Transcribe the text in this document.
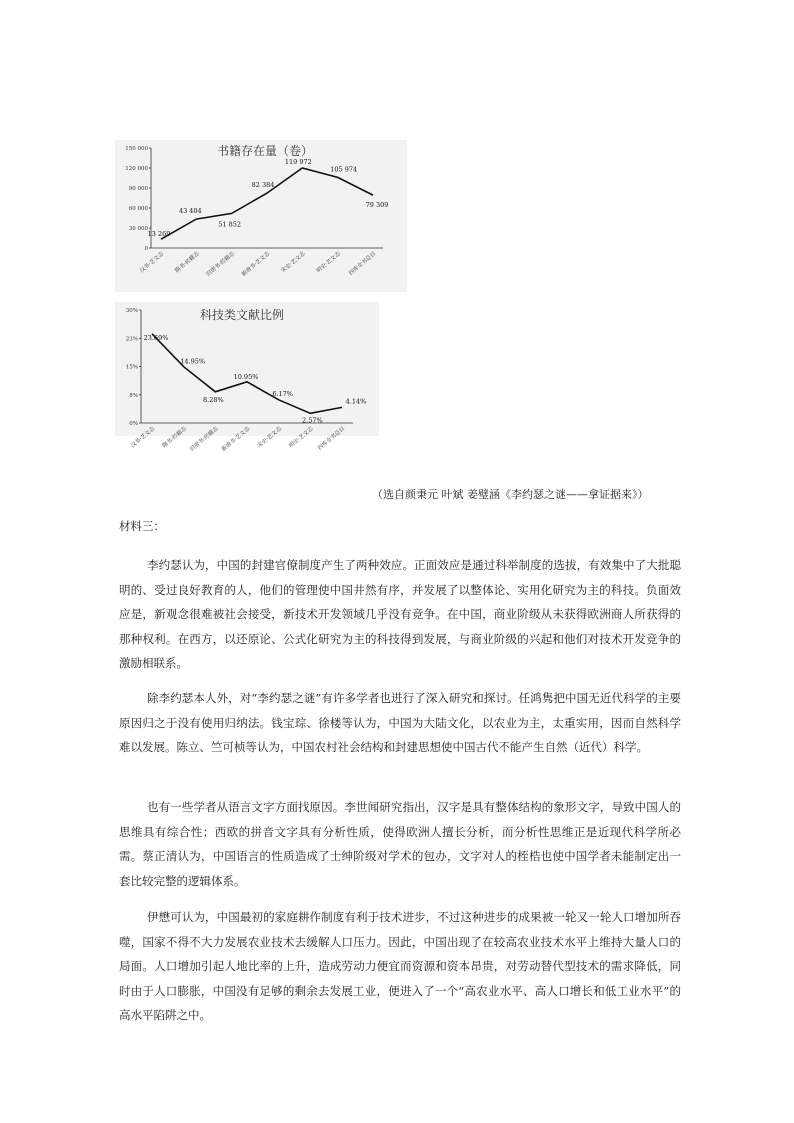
书籍存在量（卷）
0
30 000
60 000
90 000
120 000
150 000
汉书·艺文志 隋书·经籍志 旧唐书·经籍志 新唐书·艺文志 宋史·艺文志 明史·艺文志 四库全书总目
13 269
43 404
51 852
82 384
119 972
105 974
79 309
科技类文献比例
0%
8%
15%
23%
30%
汉书·艺文志 隋书·经籍志 旧唐书·经籍志 新唐书·艺文志 宋史·艺文志 明史·艺文志 四库全书总目
23.69%
14.95%
8.28%
10.95%
6.17%
2.57%
4.14%
（选自颜秉元 叶斌 姜璧涵《李约瑟之谜——拿证据来》）
材料三：

李约瑟认为，中国的封建官僚制度产生了两种效应。正面效应是通过科举制度的选拔，有效集中了大批聪明的、受过良好教育的人，他们的管理使中国井然有序，并发展了以整体论、实用化研究为主的科技。负面效应是，新观念很难被社会接受，新技术开发领域几乎没有竞争。在中国，商业阶级从未获得欧洲商人所获得的那种权利。在西方，以还原论、公式化研究为主的科技得到发展，与商业阶级的兴起和他们对技术开发竞争的激励相联系。

除李约瑟本人外，对“李约瑟之谜”有许多学者也进行了深入研究和探讨。任鸿隽把中国无近代科学的主要原因归之于没有使用归纳法。钱宝琮、徐楼等认为，中国为大陆文化，以农业为主，太重实用，因而自然科学难以发展。陈立、竺可桢等认为，中国农村社会结构和封建思想使中国古代不能产生自然（近代）科学。

也有一些学者从语言文字方面找原因。李世闻研究指出，汉字是具有整体结构的象形文字，导致中国人的思维具有综合性；西欧的拼音文字具有分析性质，使得欧洲人擅长分析，而分析性思维正是近现代科学所必需。蔡正清认为，中国语言的性质造成了士绅阶级对学术的包办，文字对人的桎梏也使中国学者未能制定出一套比较完整的逻辑体系。

伊懋可认为，中国最初的家庭耕作制度有利于技术进步，不过这种进步的成果被一轮又一轮人口增加所吞噬，国家不得不大力发展农业技术去缓解人口压力。因此，中国出现了在较高农业技术水平上维持大量人口的局面。人口增加引起人地比率的上升，造成劳动力便宜而资源和资本昂贵，对劳动替代型技术的需求降低，同时由于人口膨胀，中国没有足够的剩余去发展工业，便进入了一个“高农业水平、高人口增长和低工业水平”的高水平陷阱之中。
